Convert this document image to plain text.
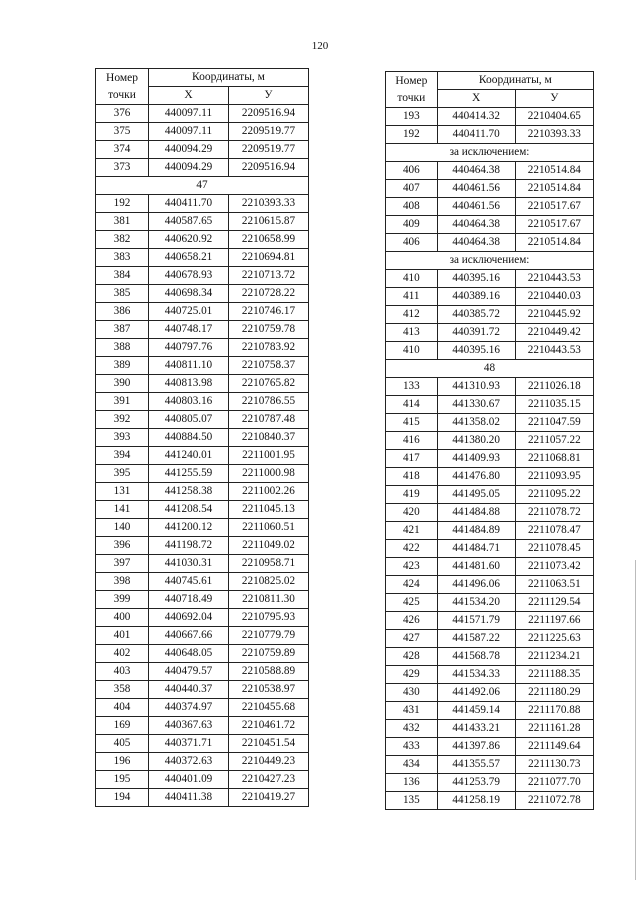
120
Номер
точки	Координаты, м	
	Х	У
376	440097.11	2209516.94
375	440097.11	2209519.77
374	440094.29	2209519.77
373	440094.29	2209516.94
47		
192	440411.70	2210393.33
381	440587.65	2210615.87
382	440620.92	2210658.99
383	440658.21	2210694.81
384	440678.93	2210713.72
385	440698.34	2210728.22
386	440725.01	2210746.17
387	440748.17	2210759.78
388	440797.76	2210783.92
389	440811.10	2210758.37
390	440813.98	2210765.82
391	440803.16	2210786.55
392	440805.07	2210787.48
393	440884.50	2210840.37
394	441240.01	2211001.95
395	441255.59	2211000.98
131	441258.38	2211002.26
141	441208.54	2211045.13
140	441200.12	2211060.51
396	441198.72	2211049.02
397	441030.31	2210958.71
398	440745.61	2210825.02
399	440718.49	2210811.30
400	440692.04	2210795.93
401	440667.66	2210779.79
402	440648.05	2210759.89
403	440479.57	2210588.89
358	440440.37	2210538.97
404	440374.97	2210455.68
169	440367.63	2210461.72
405	440371.71	2210451.54
196	440372.63	2210449.23
195	440401.09	2210427.23
194	440411.38	2210419.27
Номер
точки	Координаты, м	
	Х	У
193	440414.32	2210404.65
192	440411.70	2210393.33
за исключением:		
406	440464.38	2210514.84
407	440461.56	2210514.84
408	440461.56	2210517.67
409	440464.38	2210517.67
406	440464.38	2210514.84
за исключением:		
410	440395.16	2210443.53
411	440389.16	2210440.03
412	440385.72	2210445.92
413	440391.72	2210449.42
410	440395.16	2210443.53
48		
133	441310.93	2211026.18
414	441330.67	2211035.15
415	441358.02	2211047.59
416	441380.20	2211057.22
417	441409.93	2211068.81
418	441476.80	2211093.95
419	441495.05	2211095.22
420	441484.88	2211078.72
421	441484.89	2211078.47
422	441484.71	2211078.45
423	441481.60	2211073.42
424	441496.06	2211063.51
425	441534.20	2211129.54
426	441571.79	2211197.66
427	441587.22	2211225.63
428	441568.78	2211234.21
429	441534.33	2211188.35
430	441492.06	2211180.29
431	441459.14	2211170.88
432	441433.21	2211161.28
433	441397.86	2211149.64
434	441355.57	2211130.73
136	441253.79	2211077.70
135	441258.19	2211072.78
